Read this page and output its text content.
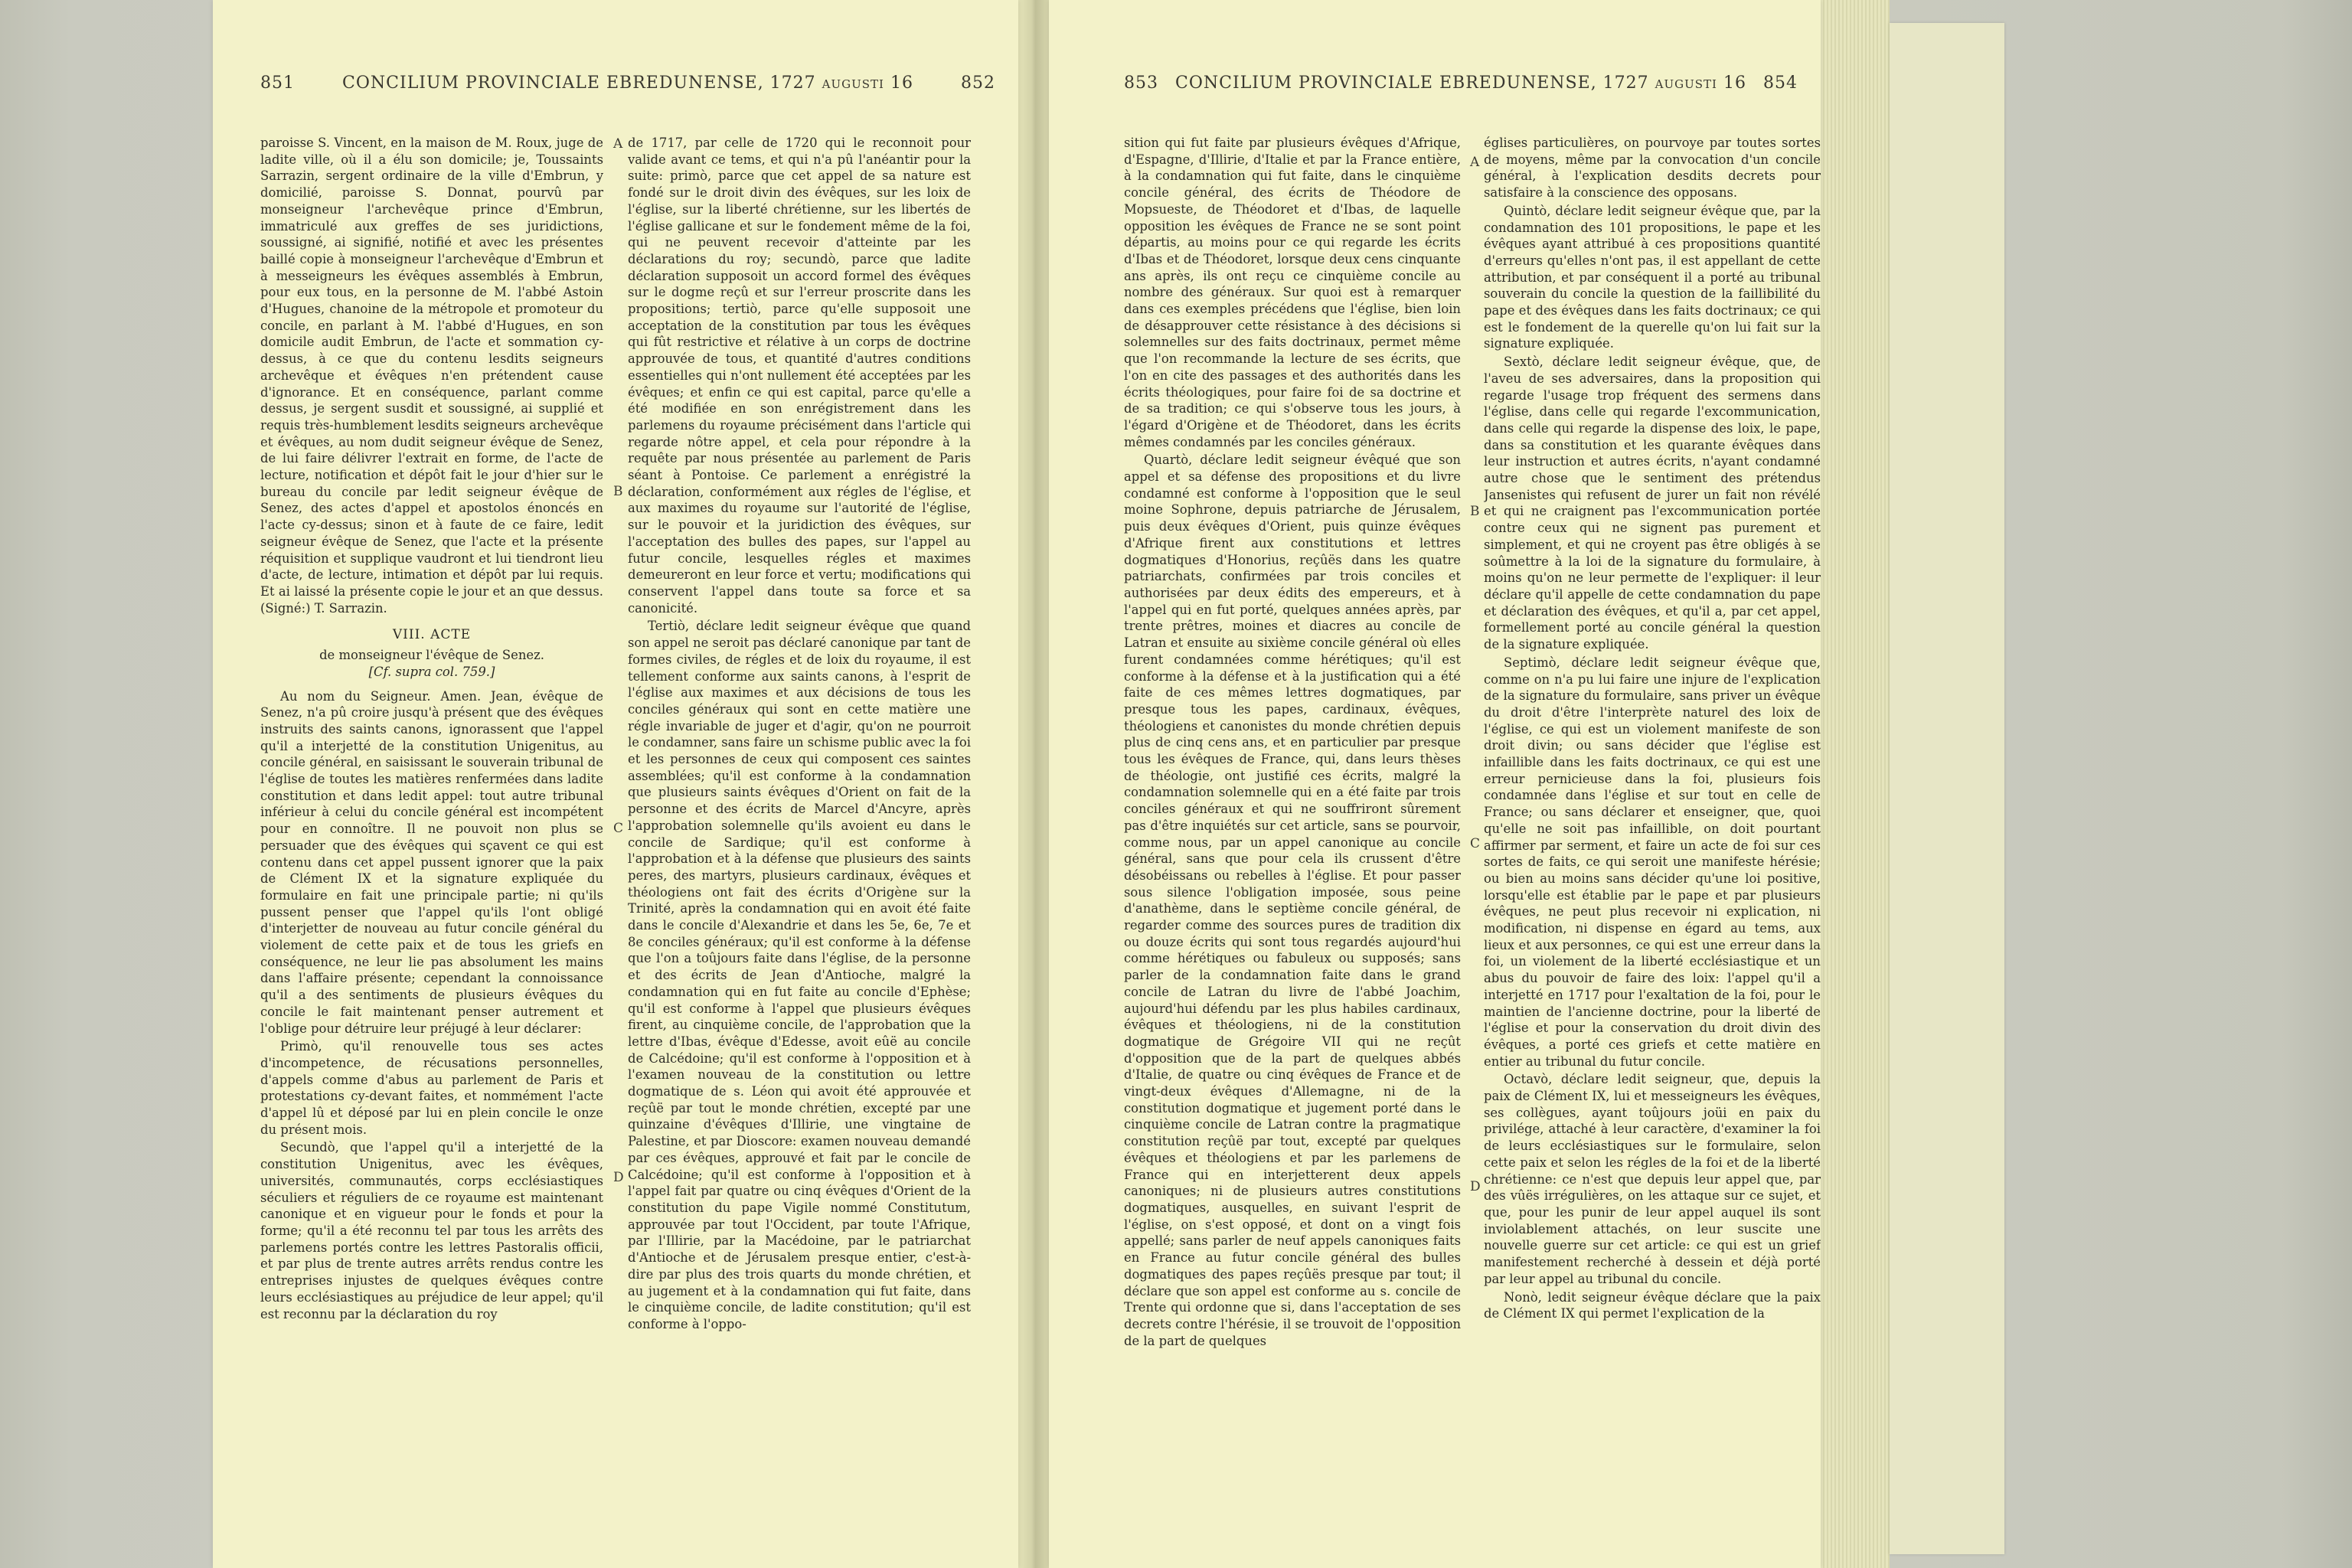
851	CONCILIUM PROVINCIALE EBREDUNENSE, 1727 augusti 16	852

paroisse S. Vincent, en la maison de M. Roux, juge de ladite ville, où il a élu son domicile; je, Toussaints Sarrazin, sergent ordinaire de la ville d'Embrun, y domicilié, paroisse S. Donnat, pourvû par monseigneur l'archevêque prince d'Embrun, immatriculé aux greffes de ses juridictions, soussigné, ai signifié, notifié et avec les présentes baillé copie à monseigneur l'archevêque d'Embrun et à messeigneurs les évêques assemblés à Embrun, pour eux tous, en la personne de M. l'abbé Astoin d'Hugues, chanoine de la métropole et promoteur du concile, en parlant à M. l'abbé d'Hugues, en son domicile audit Embrun, de l'acte et sommation cy-dessus, à ce que du contenu lesdits seigneurs archevêque et évêques n'en prétendent cause d'ignorance. Et en conséquence, parlant comme dessus, je sergent susdit et soussigné, ai supplié et requis très-humblement lesdits seigneurs archevêque et évêques, au nom dudit seigneur évêque de Senez, de lui faire délivrer l'extrait en forme, de l'acte de lecture, notification et dépôt fait le jour d'hier sur le bureau du concile par ledit seigneur évêque de Senez, des actes d'appel et apostolos énoncés en l'acte cy-dessus; sinon et à faute de ce faire, ledit seigneur évêque de Senez, que l'acte et la présente réquisition et supplique vaudront et lui tiendront lieu d'acte, de lecture, intimation et dépôt par lui requis. Et ai laissé la présente copie le jour et an que dessus. (Signé:) T. Sarrazin.

VIII. ACTE

de monseigneur l'évêque de Senez.

[Cf. supra col. 759.]

Au nom du Seigneur. Amen. Jean, évêque de Senez, n'a pû croire jusqu'à présent que des évêques instruits des saints canons, ignorassent que l'appel qu'il a interjetté de la constitution Unigenitus, au concile général, en saisissant le souverain tribunal de l'église de toutes les matières renfermées dans ladite constitution et dans ledit appel: tout autre tribunal inférieur à celui du concile général est incompétent pour en connoître. Il ne pouvoit non plus se persuader que des évêques qui sçavent ce qui est contenu dans cet appel pussent ignorer que la paix de Clément IX et la signature expliquée du formulaire en fait une principale partie; ni qu'ils pussent penser que l'appel qu'ils l'ont obligé d'interjetter de nouveau au futur concile général du violement de cette paix et de tous les griefs en conséquence, ne leur lie pas absolument les mains dans l'affaire présente; cependant la connoissance qu'il a des sentiments de plusieurs évêques du concile le fait maintenant penser autrement et l'oblige pour détruire leur préjugé à leur déclarer:

Primò, qu'il renouvelle tous ses actes d'incompetence, de récusations personnelles, d'appels comme d'abus au parlement de Paris et protestations cy-devant faites, et nommément l'acte d'appel lû et déposé par lui en plein concile le onze du présent mois.

Secundò, que l'appel qu'il a interjetté de la constitution Unigenitus, avec les évêques, universités, communautés, corps ecclésiastiques séculiers et réguliers de ce royaume est maintenant canonique et en vigueur pour le fonds et pour la forme; qu'il a été reconnu tel par tous les arrêts des parlemens portés contre les lettres Pastoralis officii, et par plus de trente autres arrêts rendus contre les entreprises injustes de quelques évêques contre leurs ecclésiastiques au préjudice de leur appel; qu'il est reconnu par la déclaration du roy

A
B
C
D

de 1717, par celle de 1720 qui le reconnoit pour valide avant ce tems, et qui n'a pû l'anéantir pour la suite: primò, parce que cet appel de sa nature est fondé sur le droit divin des évêques, sur les loix de l'église, sur la liberté chrétienne, sur les libertés de l'église gallicane et sur le fondement même de la foi, qui ne peuvent recevoir d'atteinte par les déclarations du roy; secundò, parce que ladite déclaration supposoit un accord formel des évêques sur le dogme reçû et sur l'erreur proscrite dans les propositions; tertiò, parce qu'elle supposoit une acceptation de la constitution par tous les évêques qui fût restrictive et rélative à un corps de doctrine approuvée de tous, et quantité d'autres conditions essentielles qui n'ont nullement été acceptées par les évêques; et enfin ce qui est capital, parce qu'elle a été modifiée en son enrégistrement dans les parlemens du royaume précisément dans l'article qui regarde nôtre appel, et cela pour répondre à la requête par nous présentée au parlement de Paris séant à Pontoise. Ce parlement a enrégistré la déclaration, conformément aux régles de l'église, et aux maximes du royaume sur l'autorité de l'église, sur le pouvoir et la juridiction des évêques, sur l'acceptation des bulles des papes, sur l'appel au futur concile, lesquelles régles et maximes demeureront en leur force et vertu; modifications qui conservent l'appel dans toute sa force et sa canonicité.

Tertiò, déclare ledit seigneur évêque que quand son appel ne seroit pas déclaré canonique par tant de formes civiles, de régles et de loix du royaume, il est tellement conforme aux saints canons, à l'esprit de l'église aux maximes et aux décisions de tous les conciles généraux qui sont en cette matière une régle invariable de juger et d'agir, qu'on ne pourroit le condamner, sans faire un schisme public avec la foi et les personnes de ceux qui composent ces saintes assemblées; qu'il est conforme à la condamnation que plusieurs saints évêques d'Orient on fait de la personne et des écrits de Marcel d'Ancyre, après l'approbation solemnelle qu'ils avoient eu dans le concile de Sardique; qu'il est conforme à l'approbation et à la défense que plusieurs des saints peres, des martyrs, plusieurs cardinaux, évêques et théologiens ont fait des écrits d'Origène sur la Trinité, après la condamnation qui en avoit été faite dans le concile d'Alexandrie et dans les 5e, 6e, 7e et 8e conciles généraux; qu'il est conforme à la défense que l'on a toûjours faite dans l'église, de la personne et des écrits de Jean d'Antioche, malgré la condamnation qui en fut faite au concile d'Ephèse; qu'il est conforme à l'appel que plusieurs évêques firent, au cinquième concile, de l'approbation que la lettre d'Ibas, évêque d'Edesse, avoit eûë au concile de Calcédoine; qu'il est conforme à l'opposition et à l'examen nouveau de la constitution ou lettre dogmatique de s. Léon qui avoit été approuvée et reçûë par tout le monde chrétien, excepté par une quinzaine d'évêques d'Illirie, une vingtaine de Palestine, et par Dioscore: examen nouveau demandé par ces évêques, approuvé et fait par le concile de Calcédoine; qu'il est conforme à l'opposition et à l'appel fait par quatre ou cinq évêques d'Orient de la constitution du pape Vigile nommé Constitutum, approuvée par tout l'Occident, par toute l'Afrique, par l'Illirie, par la Macédoine, par le patriarchat d'Antioche et de Jérusalem presque entier, c'est-à-dire par plus des trois quarts du monde chrétien, et au jugement et à la condamnation qui fut faite, dans le cinquième concile, de ladite constitution; qu'il est conforme à l'oppo-

853	CONCILIUM PROVINCIALE EBREDUNENSE, 1727 augusti 16	854

sition qui fut faite par plusieurs évêques d'Afrique, d'Espagne, d'Illirie, d'Italie et par la France entière, à la condamnation qui fut faite, dans le cinquième concile général, des écrits de Théodore de Mopsueste, de Théodoret et d'Ibas, de laquelle opposition les évêques de France ne se sont point départis, au moins pour ce qui regarde les écrits d'Ibas et de Théodoret, lorsque deux cens cinquante ans après, ils ont reçu ce cinquième concile au nombre des généraux. Sur quoi est à remarquer dans ces exemples précédens que l'église, bien loin de désapprouver cette résistance à des décisions si solemnelles sur des faits doctrinaux, permet même que l'on recommande la lecture de ses écrits, que l'on en cite des passages et des authorités dans les écrits théologiques, pour faire foi de sa doctrine et de sa tradition; ce qui s'observe tous les jours, à l'égard d'Origène et de Théodoret, dans les écrits mêmes condamnés par les conciles généraux.

Quartò, déclare ledit seigneur évêqué que son appel et sa défense des propositions et du livre condamné est conforme à l'opposition que le seul moine Sophrone, depuis patriarche de Jérusalem, puis deux évêques d'Orient, puis quinze évêques d'Afrique firent aux constitutions et lettres dogmatiques d'Honorius, reçûës dans les quatre patriarchats, confirmées par trois conciles et authorisées par deux édits des empereurs, et à l'appel qui en fut porté, quelques années après, par trente prêtres, moines et diacres au concile de Latran et ensuite au sixième concile général où elles furent condamnées comme hérétiques; qu'il est conforme à la défense et à la justification qui a été faite de ces mêmes lettres dogmatiques, par presque tous les papes, cardinaux, évêques, théologiens et canonistes du monde chrétien depuis plus de cinq cens ans, et en particulier par presque tous les évêques de France, qui, dans leurs thèses de théologie, ont justifié ces écrits, malgré la condamnation solemnelle qui en a été faite par trois conciles généraux et qui ne souffriront sûrement pas d'être inquiétés sur cet article, sans se pourvoir, comme nous, par un appel canonique au concile général, sans que pour cela ils crussent d'être désobéissans ou rebelles à l'église. Et pour passer sous silence l'obligation imposée, sous peine d'anathème, dans le septième concile général, de regarder comme des sources pures de tradition dix ou douze écrits qui sont tous regardés aujourd'hui comme hérétiques ou fabuleux ou supposés; sans parler de la condamnation faite dans le grand concile de Latran du livre de l'abbé Joachim, aujourd'hui défendu par les plus habiles cardinaux, évêques et théologiens, ni de la constitution dogmatique de Grégoire VII qui ne reçût d'opposition que de la part de quelques abbés d'Italie, de quatre ou cinq évêques de France et de vingt-deux évêques d'Allemagne, ni de la constitution dogmatique et jugement porté dans le cinquième concile de Latran contre la pragmatique constitution reçûë par tout, excepté par quelques évêques et théologiens et par les parlemens de France qui en interjetterent deux appels canoniques; ni de plusieurs autres constitutions dogmatiques, ausquelles, en suivant l'esprit de l'église, on s'est opposé, et dont on a vingt fois appellé; sans parler de neuf appels canoniques faits en France au futur concile général des bulles dogmatiques des papes reçûës presque par tout; il déclare que son appel est conforme au s. concile de Trente qui ordonne que si, dans l'acceptation de ses decrets contre l'hérésie, il se trouvoit de l'opposition de la part de quelques

A
B
C
D

églises particulières, on pourvoye par toutes sortes de moyens, même par la convocation d'un concile général, à l'explication desdits decrets pour satisfaire à la conscience des opposans.

Quintò, déclare ledit seigneur évêque que, par la condamnation des 101 propositions, le pape et les évêques ayant attribué à ces propositions quantité d'erreurs qu'elles n'ont pas, il est appellant de cette attribution, et par conséquent il a porté au tribunal souverain du concile la question de la faillibilité du pape et des évêques dans les faits doctrinaux; ce qui est le fondement de la querelle qu'on lui fait sur la signature expliquée.

Sextò, déclare ledit seigneur évêque, que, de l'aveu de ses adversaires, dans la proposition qui regarde l'usage trop fréquent des sermens dans l'église, dans celle qui regarde l'excommunication, dans celle qui regarde la dispense des loix, le pape, dans sa constitution et les quarante évêques dans leur instruction et autres écrits, n'ayant condamné autre chose que le sentiment des prétendus Jansenistes qui refusent de jurer un fait non révélé et qui ne craignent pas l'excommunication portée contre ceux qui ne signent pas purement et simplement, et qui ne croyent pas être obligés à se soûmettre à la loi de la signature du formulaire, à moins qu'on ne leur permette de l'expliquer: il leur déclare qu'il appelle de cette condamnation du pape et déclaration des évêques, et qu'il a, par cet appel, formellement porté au concile général la question de la signature expliquée.

Septimò, déclare ledit seigneur évêque que, comme on n'a pu lui faire une injure de l'explication de la signature du formulaire, sans priver un évêque du droit d'être l'interprète naturel des loix de l'église, ce qui est un violement manifeste de son droit divin; ou sans décider que l'église est infaillible dans les faits doctrinaux, ce qui est une erreur pernicieuse dans la foi, plusieurs fois condamnée dans l'église et sur tout en celle de France; ou sans déclarer et enseigner, que, quoi qu'elle ne soit pas infaillible, on doit pourtant affirmer par serment, et faire un acte de foi sur ces sortes de faits, ce qui seroit une manifeste hérésie; ou bien au moins sans décider qu'une loi positive, lorsqu'elle est établie par le pape et par plusieurs évêques, ne peut plus recevoir ni explication, ni modification, ni dispense en égard au tems, aux lieux et aux personnes, ce qui est une erreur dans la foi, un violement de la liberté ecclésiastique et un abus du pouvoir de faire des loix: l'appel qu'il a interjetté en 1717 pour l'exaltation de la foi, pour le maintien de l'ancienne doctrine, pour la liberté de l'église et pour la conservation du droit divin des évêques, a porté ces griefs et cette matière en entier au tribunal du futur concile.

Octavò, déclare ledit seigneur, que, depuis la paix de Clément IX, lui et messeigneurs les évêques, ses collègues, ayant toûjours joüi en paix du privilége, attaché à leur caractère, d'examiner la foi de leurs ecclésiastiques sur le formulaire, selon cette paix et selon les régles de la foi et de la liberté chrétienne: ce n'est que depuis leur appel que, par des vûës irrégulières, on les attaque sur ce sujet, et que, pour les punir de leur appel auquel ils sont inviolablement attachés, on leur suscite une nouvelle guerre sur cet article: ce qui est un grief manifestement recherché à dessein et déjà porté par leur appel au tribunal du concile.

Nonò, ledit seigneur évêque déclare que la paix de Clément IX qui permet l'explication de la
